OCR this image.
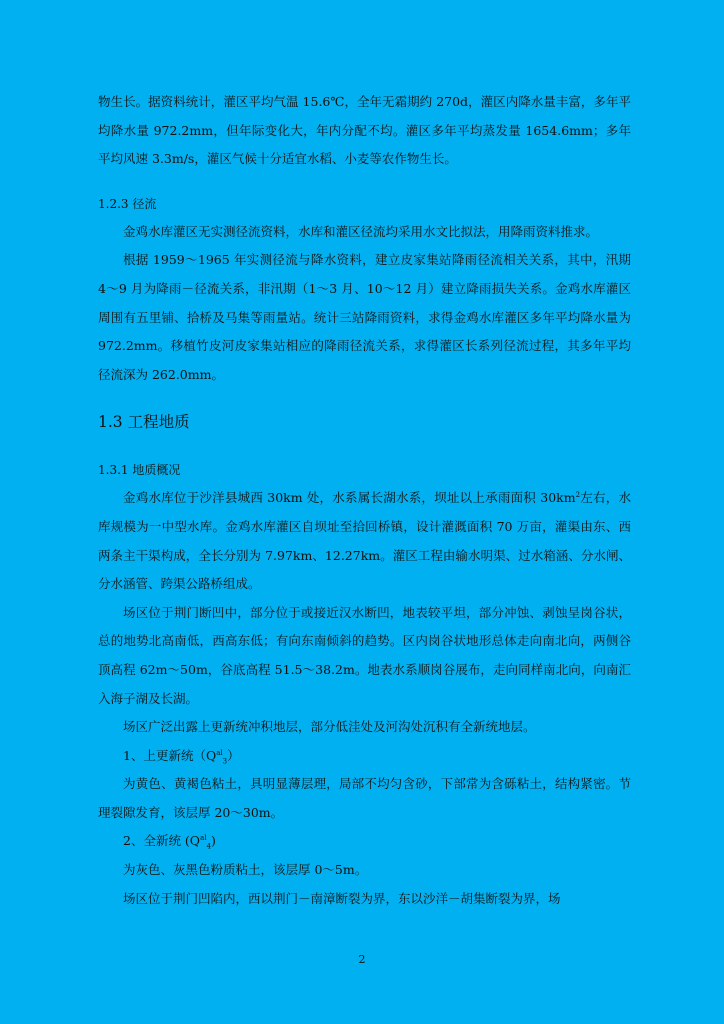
物生长。据资料统计，灌区平均气温 15.6℃，全年无霜期约 270d，灌区内降水量丰富，多年平均降水量 972.2mm，但年际变化大，年内分配不均。灌区多年平均蒸发量 1654.6mm；多年平均风速 3.3m/s，灌区气候十分适宜水稻、小麦等农作物生长。

1.2.3 径流

金鸡水库灌区无实测径流资料，水库和灌区径流均采用水文比拟法，用降雨资料推求。

根据 1959～1965 年实测径流与降水资料，建立皮家集站降雨径流相关关系，其中，汛期 4～9 月为降雨－径流关系，非汛期（1～3 月、10～12 月）建立降雨损失关系。金鸡水库灌区周围有五里铺、拾桥及马集等雨量站。统计三站降雨资料，求得金鸡水库灌区多年平均降水量为 972.2mm。移植竹皮河皮家集站相应的降雨径流关系，求得灌区长系列径流过程，其多年平均径流深为 262.0mm。

1.3 工程地质

1.3.1 地质概况

金鸡水库位于沙洋县城西 30km 处，水系属长湖水系，坝址以上承雨面积 $30km^2$左右，水库规模为一中型水库。金鸡水库灌区自坝址至拾回桥镇，设计灌溉面积 70 万亩，灌渠由东、西两条主干渠构成，全长分别为 7.97km、12.27km。灌区工程由输水明渠、过水箱涵、分水闸、分水涵管、跨渠公路桥组成。

场区位于荆门断凹中，部分位于或接近汉水断凹，地表较平坦，部分冲蚀、剥蚀呈岗谷状，总的地势北高南低，西高东低；有向东南倾斜的趋势。区内岗谷状地形总体走向南北向，两侧谷顶高程 62m～50m，谷底高程 51.5～38.2m。地表水系顺岗谷展布，走向同样南北向，向南汇入海子湖及长湖。

场区广泛出露上更新统冲积地层，部分低洼处及河沟处沉积有全新统地层。

1、上更新统$(Q^{al}_3)$

为黄色、黄褐色粘土，具明显薄层理，局部不均匀含砂，下部常为含砾粘土，结构紧密。节理裂隙发育，该层厚 20～30m。

2、全新统 $(Q^{al}_4)$

为灰色、灰黑色粉质粘土，该层厚 0～5m。

场区位于荆门凹陷内，西以荆门－南漳断裂为界，东以沙洋－胡集断裂为界，场

2
